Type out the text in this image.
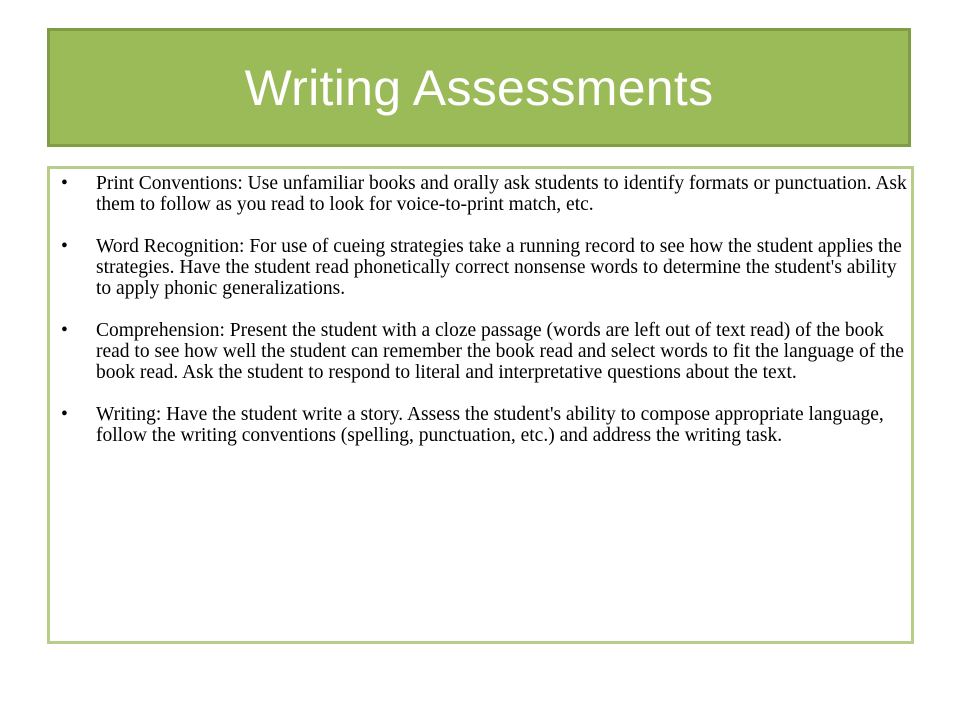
Writing Assessments
•	Print Conventions: Use unfamiliar books and orally ask students to identify formats or punctuation. Ask them to follow as you read to look for voice-to-print match, etc.
•	Word Recognition: For use of cueing strategies take a running record to see how the student applies the strategies. Have the student read phonetically correct nonsense words to determine the student's ability to apply phonic generalizations.
•	Comprehension: Present the student with a cloze passage (words are left out of text read) of the book read to see how well the student can remember the book read and select words to fit the language of the book read. Ask the student to respond to literal and interpretative questions about the text.
•	Writing: Have the student write a story. Assess the student's ability to compose appropriate language, follow the writing conventions (spelling, punctuation, etc.) and address the writing task.
